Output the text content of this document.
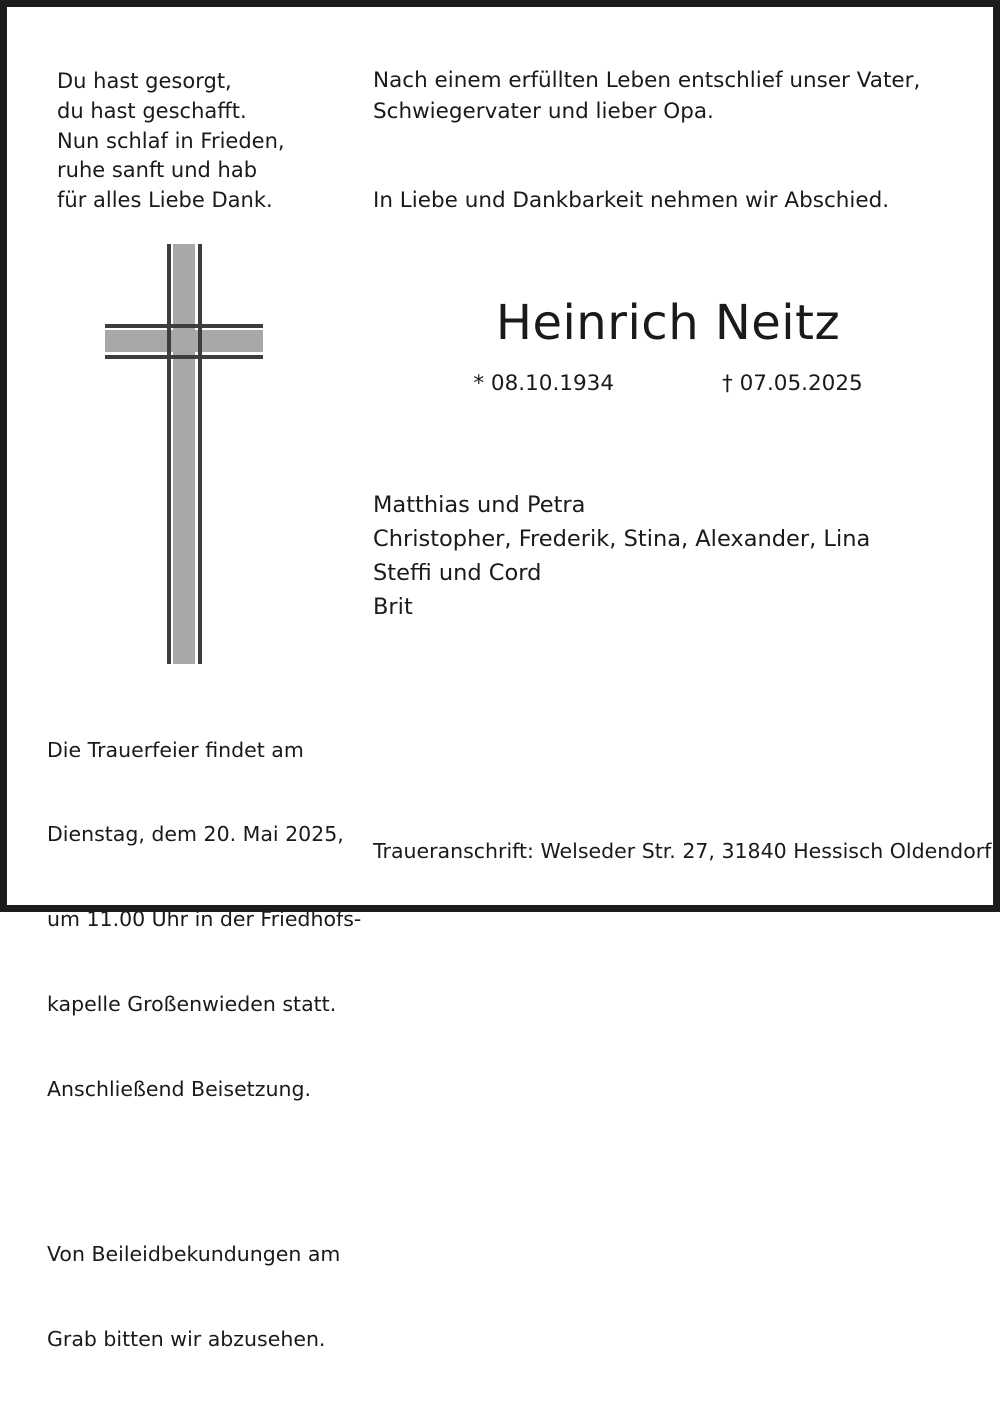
Du hast gesorgt,
du hast geschafft.
Nun schlaf in Frieden,
ruhe sanft und hab
für alles Liebe Dank.

Die Trauerfeier findet am

Dienstag, dem 20. Mai 2025,

um 11.00 Uhr in der Friedhofs-

kapelle Großenwieden statt.

Anschließend Beisetzung.

Von Beileidbekundungen am

Grab bitten wir abzusehen.

Nach einem erfüllten Leben entschlief unser Vater,
Schwiegervater und lieber Opa.
In Liebe und Dankbarkeit nehmen wir Abschied.
Heinrich Neitz
* 08.10.1934	† 07.05.2025
Matthias und Petra
Christopher, Frederik, Stina, Alexander, Lina
Steffi und Cord
Brit
Traueranschrift: Welseder Str. 27, 31840 Hessisch Oldendorf
